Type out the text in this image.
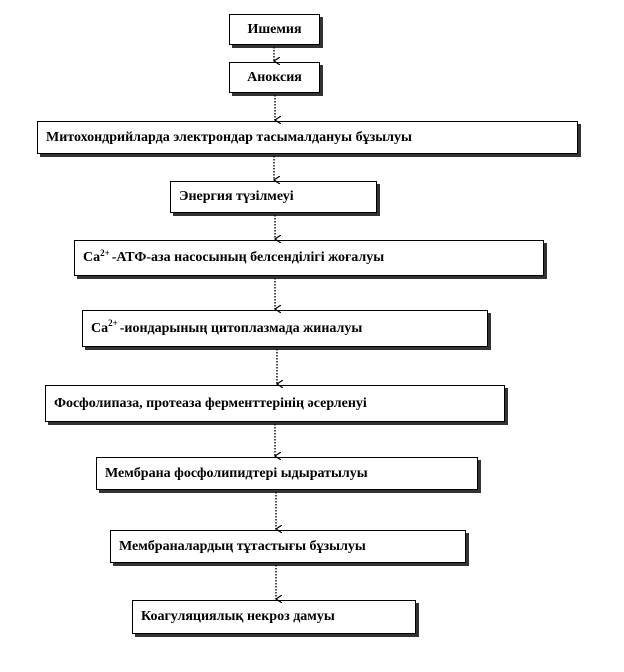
Ишемия
Аноксия
Митохондрийларда электрондар тасымалдануы бұзылуы
Энергия түзілмеуі
$Са^{2+}$ -АТФ-аза насосының белсенділігі жоғалуы
$Са^{2+}$ -иондарының цитоплазмада жиналуы
Фосфолипаза, протеаза ферменттерінің әсерленуі
Мембрана фосфолипидтері ыдыратылуы
Мембраналардың тұтастығы бұзылуы
Коагуляциялық некроз дамуы
